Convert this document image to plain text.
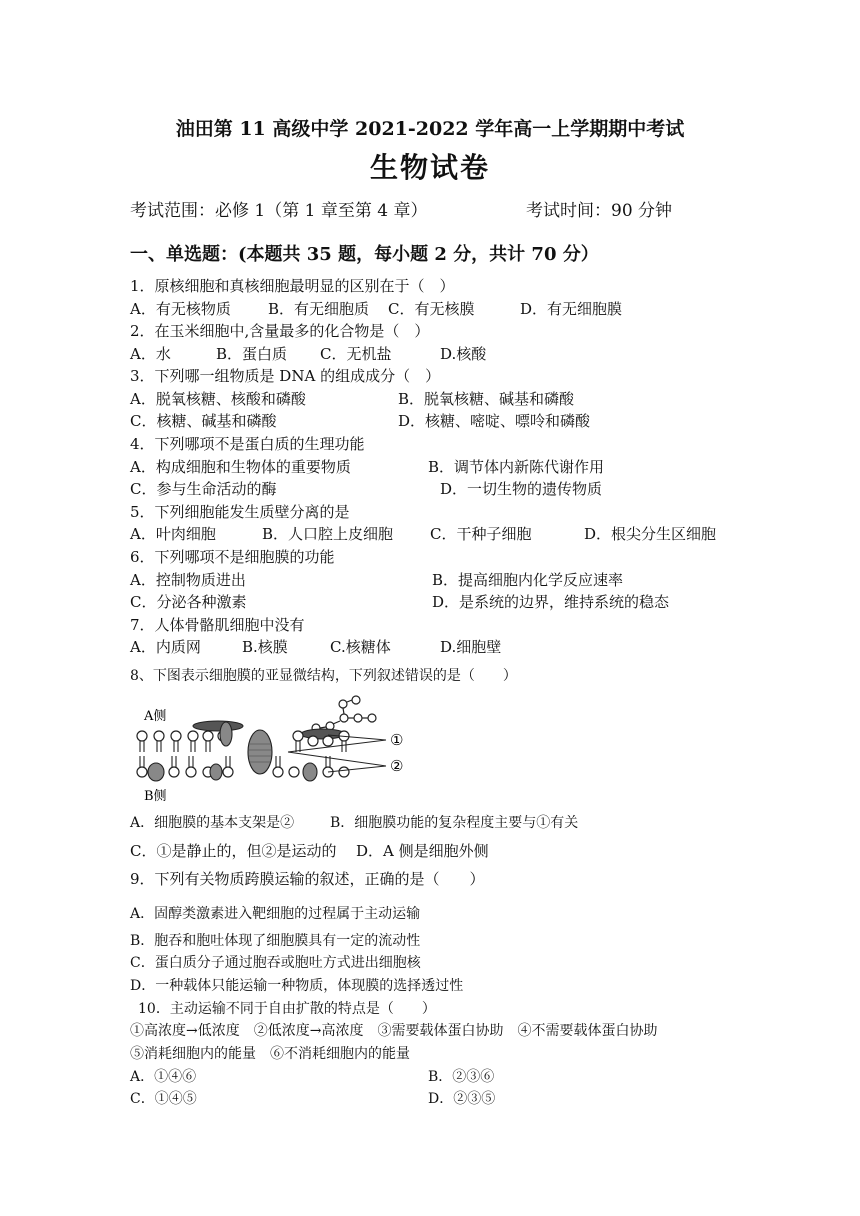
油田第 11 高级中学 2021-2022 学年高一上学期期中考试
生物试卷
考试范围：必修 1（第 1 章至第 4 章）	考试时间：90 分钟
一、单选题：(本题共 35 题，每小题 2 分，共计 70 分）
1．原核细胞和真核细胞最明显的区别在于（　）
A．有无核物质 B．有无细胞质 C．有无核膜	D．有无细胞膜
2．在玉米细胞中,含量最多的化合物是（　）
A．水	B．蛋白质 C．无机盐	D.核酸
3．下列哪一组物质是 DNA 的组成成分（　）
A．脱氧核糖、核酸和磷酸	B．脱氧核糖、碱基和磷酸
C．核糖、碱基和磷酸	D．核糖、嘧啶、嘌呤和磷酸
4．下列哪项不是蛋白质的生理功能
A．构成细胞和生物体的重要物质	B．调节体内新陈代谢作用
C．参与生命活动的酶	D．一切生物的遗传物质
5．下列细胞能发生质壁分离的是
A．叶肉细胞	B．人口腔上皮细胞 C．干种子细胞	D．根尖分生区细胞
6．下列哪项不是细胞膜的功能
A．控制物质进出	B．提高细胞内化学反应速率
C．分泌各种激素	D．是系统的边界，维持系统的稳态
7．人体骨骼肌细胞中没有
A．内质网	B.核膜	C.核糖体	D.细胞壁
8、下图表示细胞膜的亚显微结构，下列叙述错误的是（　　）
A侧
B侧
①
②
A．细胞膜的基本支架是②	B．细胞膜功能的复杂程度主要与①有关
C．①是静止的，但②是运动的 D．A 侧是细胞外侧
9．下列有关物质跨膜运输的叙述，正确的是（　　）
A．固醇类激素进入靶细胞的过程属于主动运输
B．胞吞和胞吐体现了细胞膜具有一定的流动性
C．蛋白质分子通过胞吞或胞吐方式进出细胞核
D．一种载体只能运输一种物质，体现膜的选择透过性
10．主动运输不同于自由扩散的特点是（　　）
①高浓度→低浓度　②低浓度→高浓度　③需要载体蛋白协助　④不需要载体蛋白协助
⑤消耗细胞内的能量　⑥不消耗细胞内的能量
A．①④⑥	B．②③⑥
C．①④⑤	D．②③⑤
